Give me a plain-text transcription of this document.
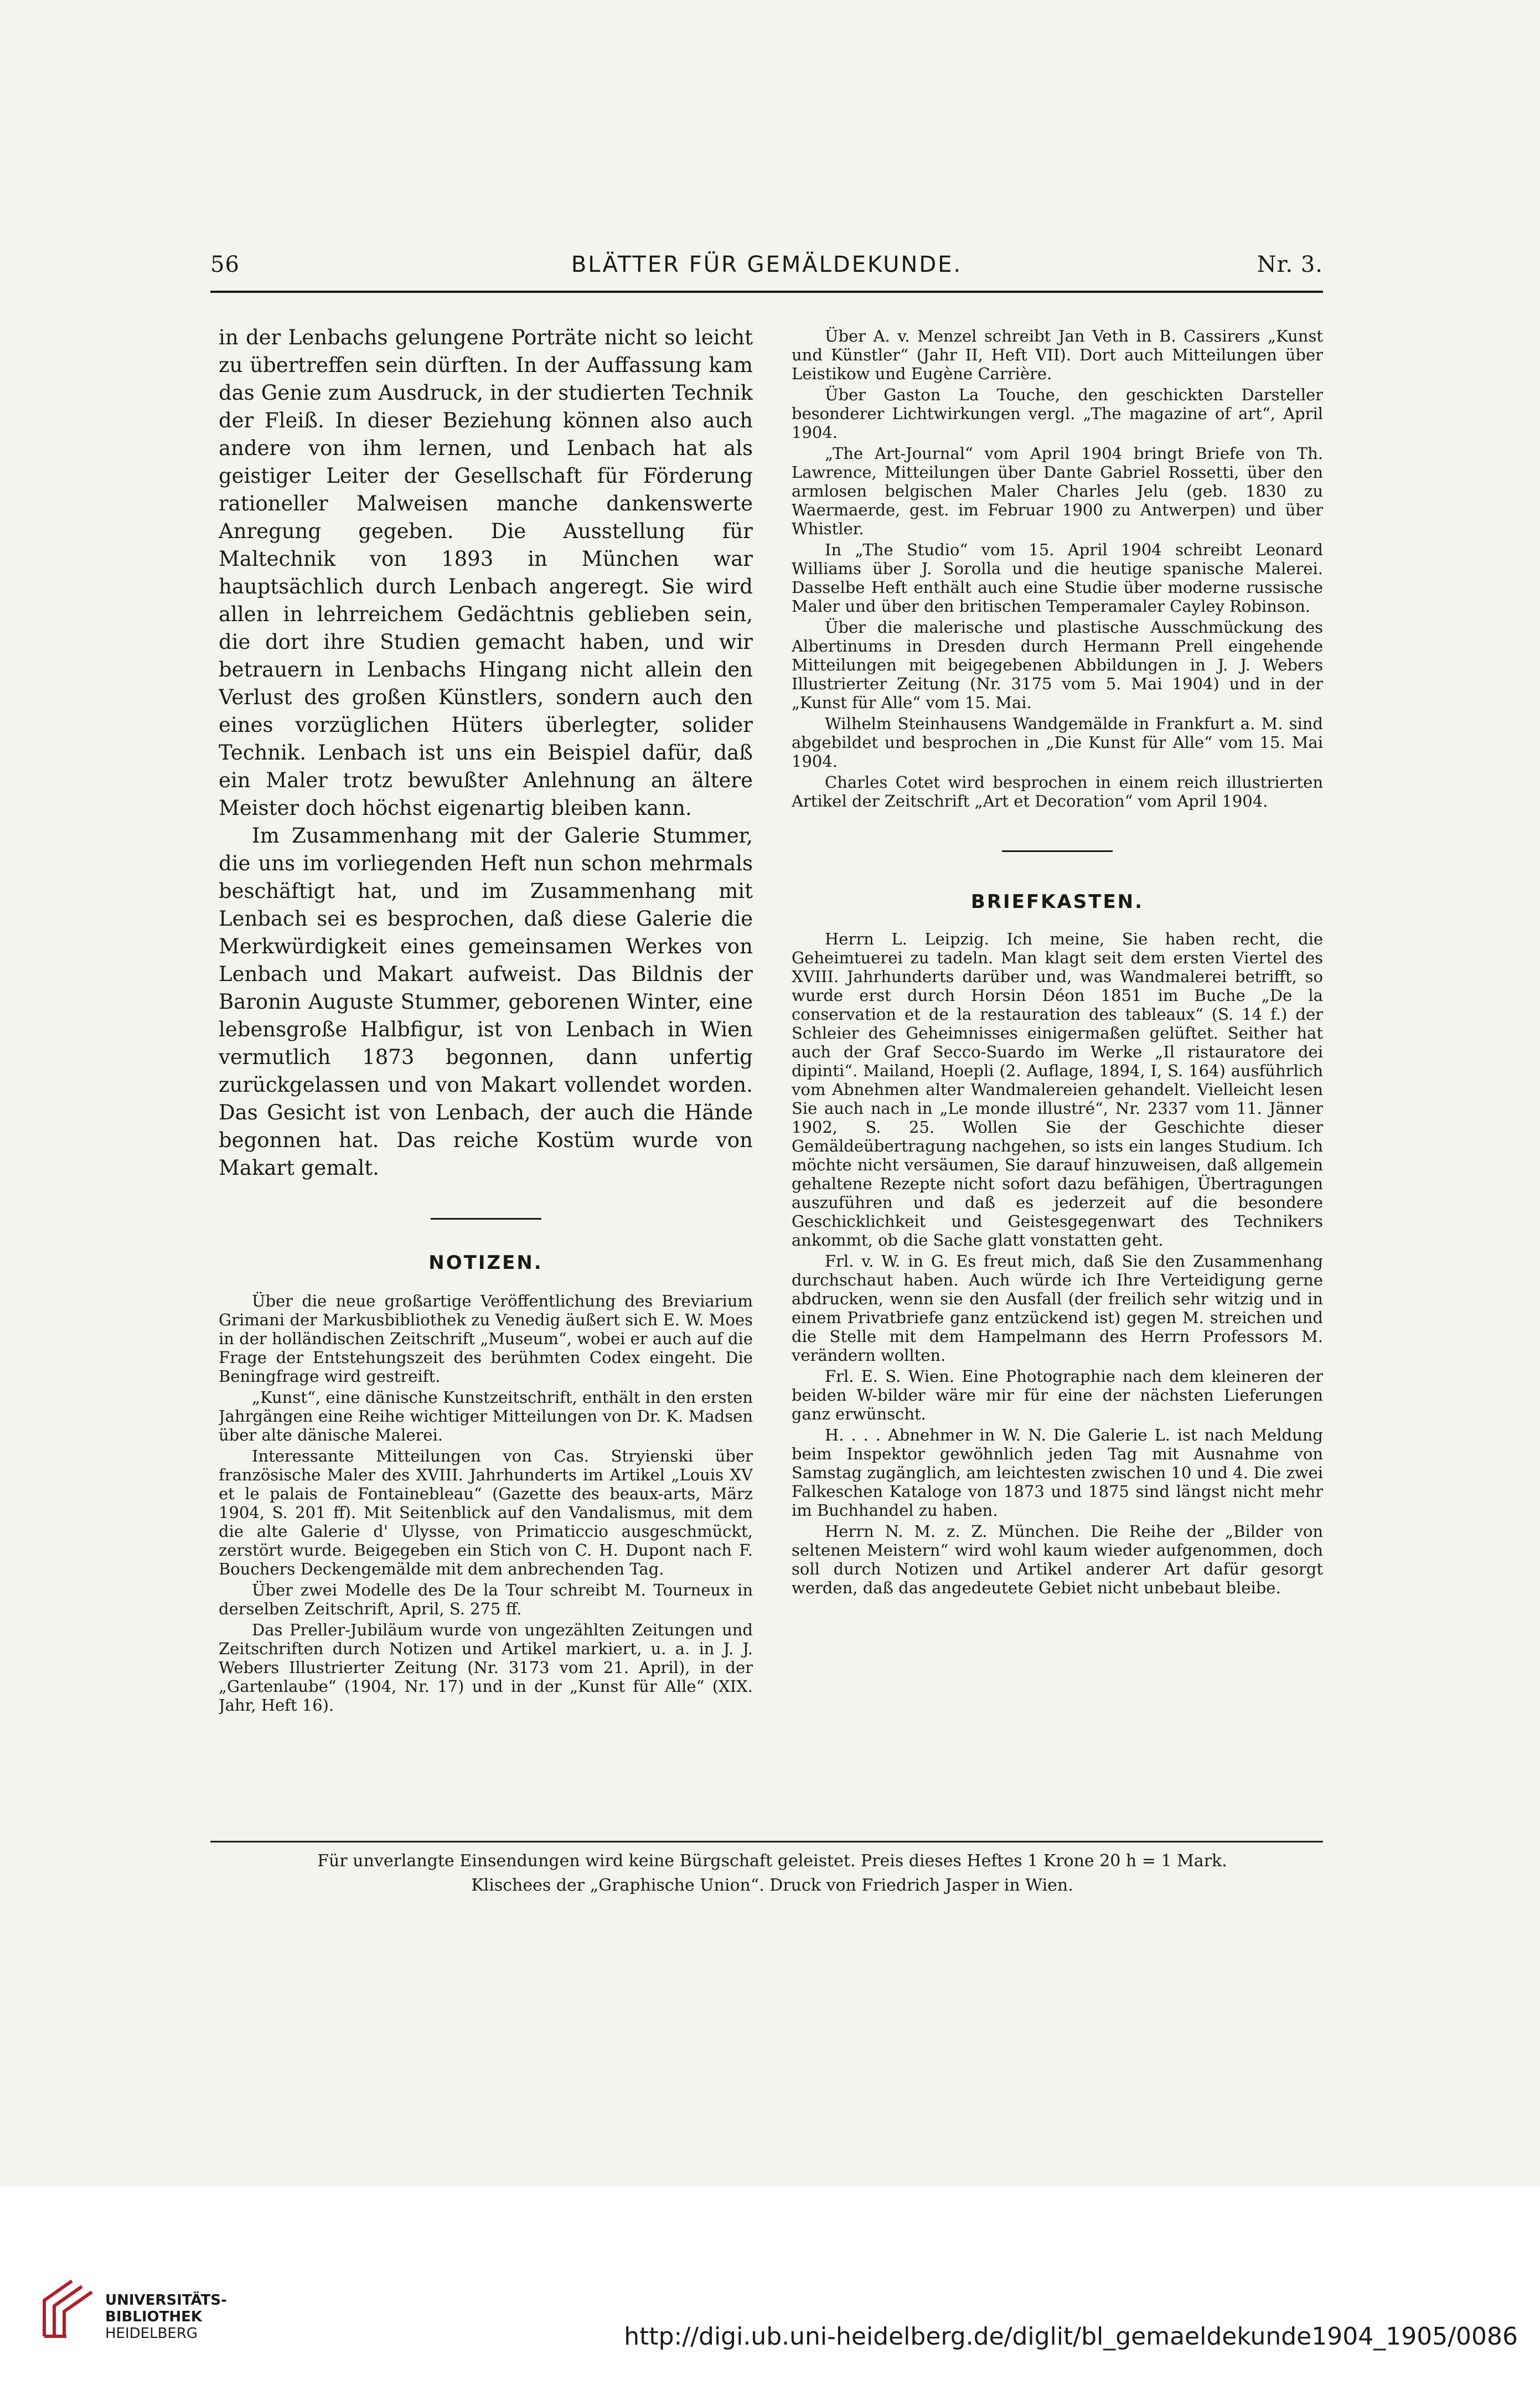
56	BLÄTTER FÜR GEMÄLDEKUNDE.	Nr. 3.

in der Lenbachs gelungene Porträte nicht so leicht zu übertreffen sein dürften. In der Auffassung kam das Genie zum Ausdruck, in der studierten Technik der Fleiß. In dieser Beziehung können also auch andere von ihm lernen, und Lenbach hat als geistiger Leiter der Gesellschaft für Förderung rationeller Malweisen manche dankenswerte Anregung gegeben. Die Ausstellung für Maltechnik von 1893 in München war hauptsächlich durch Lenbach angeregt. Sie wird allen in lehrreichem Gedächtnis geblieben sein, die dort ihre Studien gemacht haben, und wir betrauern in Lenbachs Hingang nicht allein den Verlust des großen Künstlers, sondern auch den eines vorzüglichen Hüters überlegter, solider Technik. Lenbach ist uns ein Beispiel dafür, daß ein Maler trotz bewußter Anlehnung an ältere Meister doch höchst eigenartig bleiben kann.

Im Zusammenhang mit der Galerie Stummer, die uns im vorliegenden Heft nun schon mehrmals beschäftigt hat, und im Zusammenhang mit Lenbach sei es besprochen, daß diese Galerie die Merkwürdigkeit eines gemeinsamen Werkes von Lenbach und Makart aufweist. Das Bildnis der Baronin Auguste Stummer, geborenen Winter, eine lebensgroße Halbfigur, ist von Lenbach in Wien vermutlich 1873 begonnen, dann unfertig zurückgelassen und von Makart vollendet worden. Das Gesicht ist von Lenbach, der auch die Hände begonnen hat. Das reiche Kostüm wurde von Makart gemalt.

NOTIZEN.

Über die neue großartige Veröffentlichung des Breviarium Grimani der Markusbibliothek zu Venedig äußert sich E. W. Moes in der holländischen Zeitschrift „Museum“, wobei er auch auf die Frage der Entstehungszeit des berühmten Codex eingeht. Die Beningfrage wird gestreift.

„Kunst“, eine dänische Kunstzeitschrift, enthält in den ersten Jahrgängen eine Reihe wichtiger Mitteilungen von Dr. K. Madsen über alte dänische Malerei.

Interessante Mitteilungen von Cas. Stryienski über französische Maler des XVIII. Jahrhunderts im Artikel „Louis XV et le palais de Fontainebleau“ (Gazette des beaux-arts, März 1904, S. 201 ff). Mit Seitenblick auf den Vandalismus, mit dem die alte Galerie d' Ulysse, von Primaticcio ausgeschmückt, zerstört wurde. Beigegeben ein Stich von C. H. Dupont nach F. Bouchers Deckengemälde mit dem anbrechenden Tag.

Über zwei Modelle des De la Tour schreibt M. Tourneux in derselben Zeitschrift, April, S. 275 ff.

Das Preller-Jubiläum wurde von ungezählten Zeitungen und Zeitschriften durch Notizen und Artikel markiert, u. a. in J. J. Webers Illustrierter Zeitung (Nr. 3173 vom 21. April), in der „Gartenlaube“ (1904, Nr. 17) und in der „Kunst für Alle“ (XIX. Jahr, Heft 16).

Über A. v. Menzel schreibt Jan Veth in B. Cassirers „Kunst und Künstler“ (Jahr II, Heft VII). Dort auch Mitteilungen über Leistikow und Eugène Carrière.

Über Gaston La Touche, den geschickten Darsteller besonderer Lichtwirkungen vergl. „The magazine of art“, April 1904.

„The Art-Journal“ vom April 1904 bringt Briefe von Th. Lawrence, Mitteilungen über Dante Gabriel Rossetti, über den armlosen belgischen Maler Charles Jelu (geb. 1830 zu Waermaerde, gest. im Februar 1900 zu Antwerpen) und über Whistler.

In „The Studio“ vom 15. April 1904 schreibt Leonard Williams über J. Sorolla und die heutige spanische Malerei. Dasselbe Heft enthält auch eine Studie über moderne russische Maler und über den britischen Temperamaler Cayley Robinson.

Über die malerische und plastische Ausschmückung des Albertinums in Dresden durch Hermann Prell eingehende Mitteilungen mit beigegebenen Abbildungen in J. J. Webers Illustrierter Zeitung (Nr. 3175 vom 5. Mai 1904) und in der „Kunst für Alle“ vom 15. Mai.

Wilhelm Steinhausens Wandgemälde in Frankfurt a. M. sind abgebildet und besprochen in „Die Kunst für Alle“ vom 15. Mai 1904.

Charles Cotet wird besprochen in einem reich illustrierten Artikel der Zeitschrift „Art et Decoration“ vom April 1904.

BRIEFKASTEN.

Herrn L. Leipzig. Ich meine, Sie haben recht, die Geheimtuerei zu tadeln. Man klagt seit dem ersten Viertel des XVIII. Jahrhunderts darüber und, was Wandmalerei betrifft, so wurde erst durch Horsin Déon 1851 im Buche „De la conservation et de la restauration des tableaux“ (S. 14 f.) der Schleier des Geheimnisses einigermaßen gelüftet. Seither hat auch der Graf Secco-Suardo im Werke „Il ristauratore dei dipinti“. Mailand, Hoepli (2. Auflage, 1894, I, S. 164) ausführlich vom Abnehmen alter Wandmalereien gehandelt. Vielleicht lesen Sie auch nach in „Le monde illustré“, Nr. 2337 vom 11. Jänner 1902, S. 25. Wollen Sie der Geschichte dieser Gemäldeübertragung nachgehen, so ists ein langes Studium. Ich möchte nicht versäumen, Sie darauf hinzuweisen, daß allgemein gehaltene Rezepte nicht sofort dazu befähigen, Übertragungen auszuführen und daß es jederzeit auf die besondere Geschicklichkeit und Geistesgegenwart des Technikers ankommt, ob die Sache glatt vonstatten geht.

Frl. v. W. in G. Es freut mich, daß Sie den Zusammenhang durchschaut haben. Auch würde ich Ihre Verteidigung gerne abdrucken, wenn sie den Ausfall (der freilich sehr witzig und in einem Privatbriefe ganz entzückend ist) gegen M. streichen und die Stelle mit dem Hampelmann des Herrn Professors M. verändern wollten.

Frl. E. S. Wien. Eine Photographie nach dem kleineren der beiden W-bilder wäre mir für eine der nächsten Lieferungen ganz erwünscht.

H. . . . Abnehmer in W. N. Die Galerie L. ist nach Meldung beim Inspektor gewöhnlich jeden Tag mit Ausnahme von Samstag zugänglich, am leichtesten zwischen 10 und 4. Die zwei Falkeschen Kataloge von 1873 und 1875 sind längst nicht mehr im Buchhandel zu haben.

Herrn N. M. z. Z. München. Die Reihe der „Bilder von seltenen Meistern“ wird wohl kaum wieder aufgenommen, doch soll durch Notizen und Artikel anderer Art dafür gesorgt werden, daß das angedeutete Gebiet nicht unbebaut bleibe.

Für unverlangte Einsendungen wird keine Bürgschaft geleistet. Preis dieses Heftes 1 Krone 20 h = 1 Mark.
Klischees der „Graphische Union“. Druck von Friedrich Jasper in Wien.
UNIVERSITÄTS-
BIBLIOTHEK
HEIDELBERG	http://digi.ub.uni-heidelberg.de/diglit/bl_gemaeldekunde1904_1905/0086
